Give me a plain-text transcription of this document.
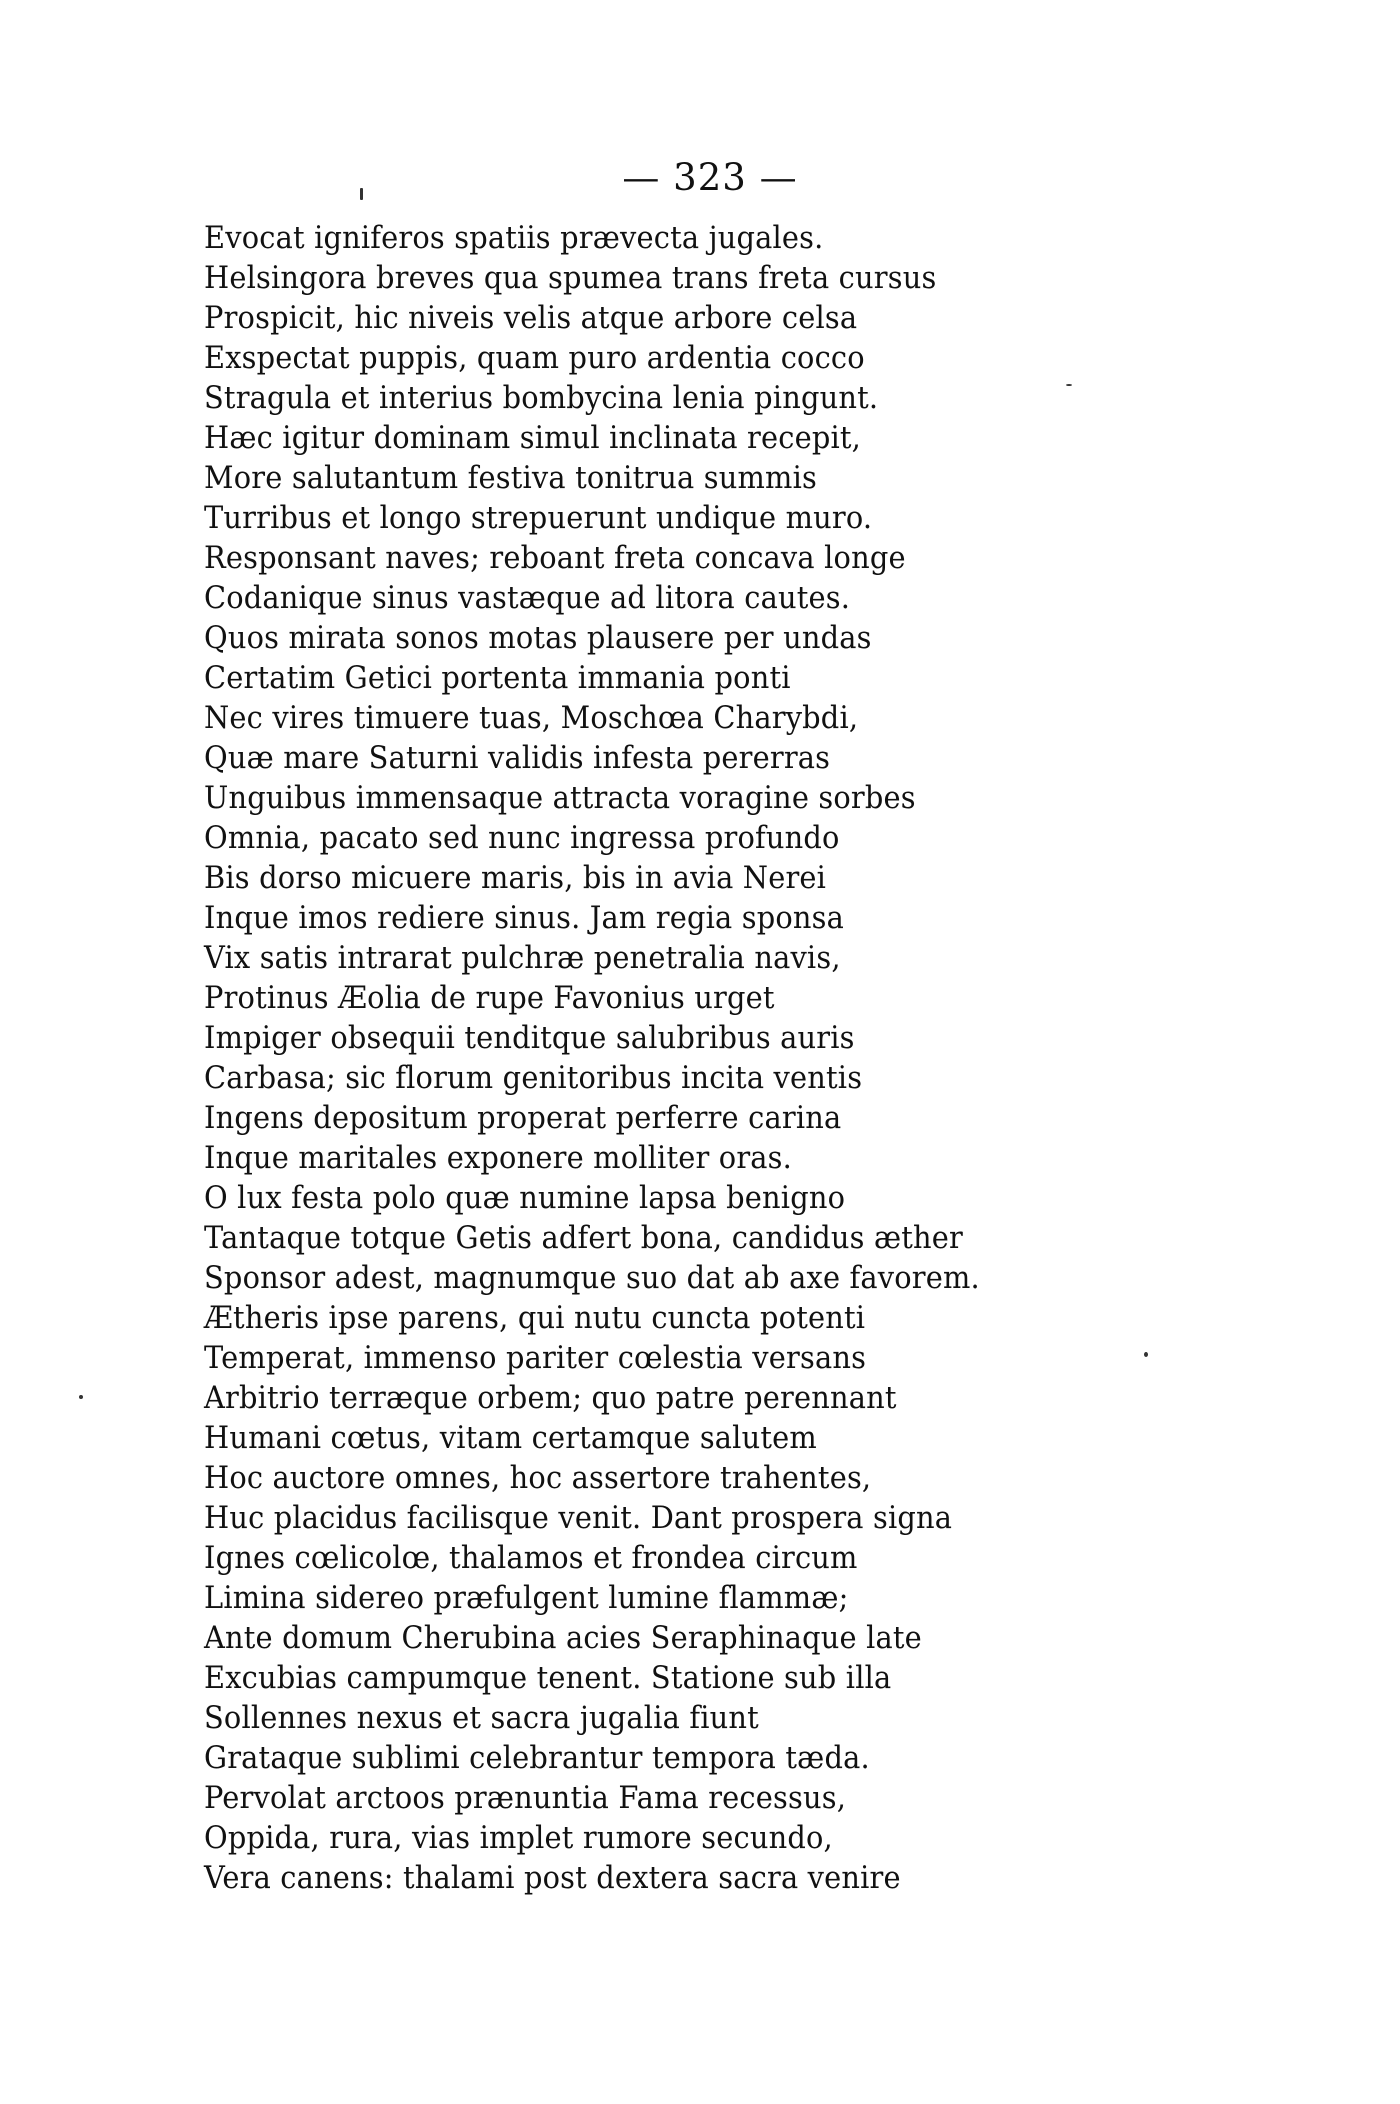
— 323 —
Evocat igniferos spatiis prævecta jugales.
Helsingora breves qua spumea trans freta cursus
Prospicit, hic niveis velis atque arbore celsa
Exspectat puppis, quam puro ardentia cocco
Stragula et interius bombycina lenia pingunt.
Hæc igitur dominam simul inclinata recepit,
More salutantum festiva tonitrua summis
Turribus et longo strepuerunt undique muro.
Responsant naves; reboant freta concava longe
Codanique sinus vastæque ad litora cautes.
Quos mirata sonos motas plausere per undas
Certatim Getici portenta immania ponti
Nec vires timuere tuas, Moschœa Charybdi,
Quæ mare Saturni validis infesta pererras
Unguibus immensaque attracta voragine sorbes
Omnia, pacato sed nunc ingressa profundo
Bis dorso micuere maris, bis in avia Nerei
Inque imos rediere sinus. Jam regia sponsa
Vix satis intrarat pulchræ penetralia navis,
Protinus Æolia de rupe Favonius urget
Impiger obsequii tenditque salubribus auris
Carbasa; sic florum genitoribus incita ventis
Ingens depositum properat perferre carina
Inque maritales exponere molliter oras.
O lux festa polo quæ numine lapsa benigno
Tantaque totque Getis adfert bona, candidus æther
Sponsor adest, magnumque suo dat ab axe favorem.
Ætheris ipse parens, qui nutu cuncta potenti
Temperat, immenso pariter cœlestia versans
Arbitrio terræque orbem; quo patre perennant
Humani cœtus, vitam certamque salutem
Hoc auctore omnes, hoc assertore trahentes,
Huc placidus facilisque venit. Dant prospera signa
Ignes cœlicolœ, thalamos et frondea circum
Limina sidereo præfulgent lumine flammæ;
Ante domum Cherubina acies Seraphinaque late
Excubias campumque tenent. Statione sub illa
Sollennes nexus et sacra jugalia fiunt
Grataque sublimi celebrantur tempora tæda.
Pervolat arctoos prænuntia Fama recessus,
Oppida, rura, vias implet rumore secundo,
Vera canens: thalami post dextera sacra venire
